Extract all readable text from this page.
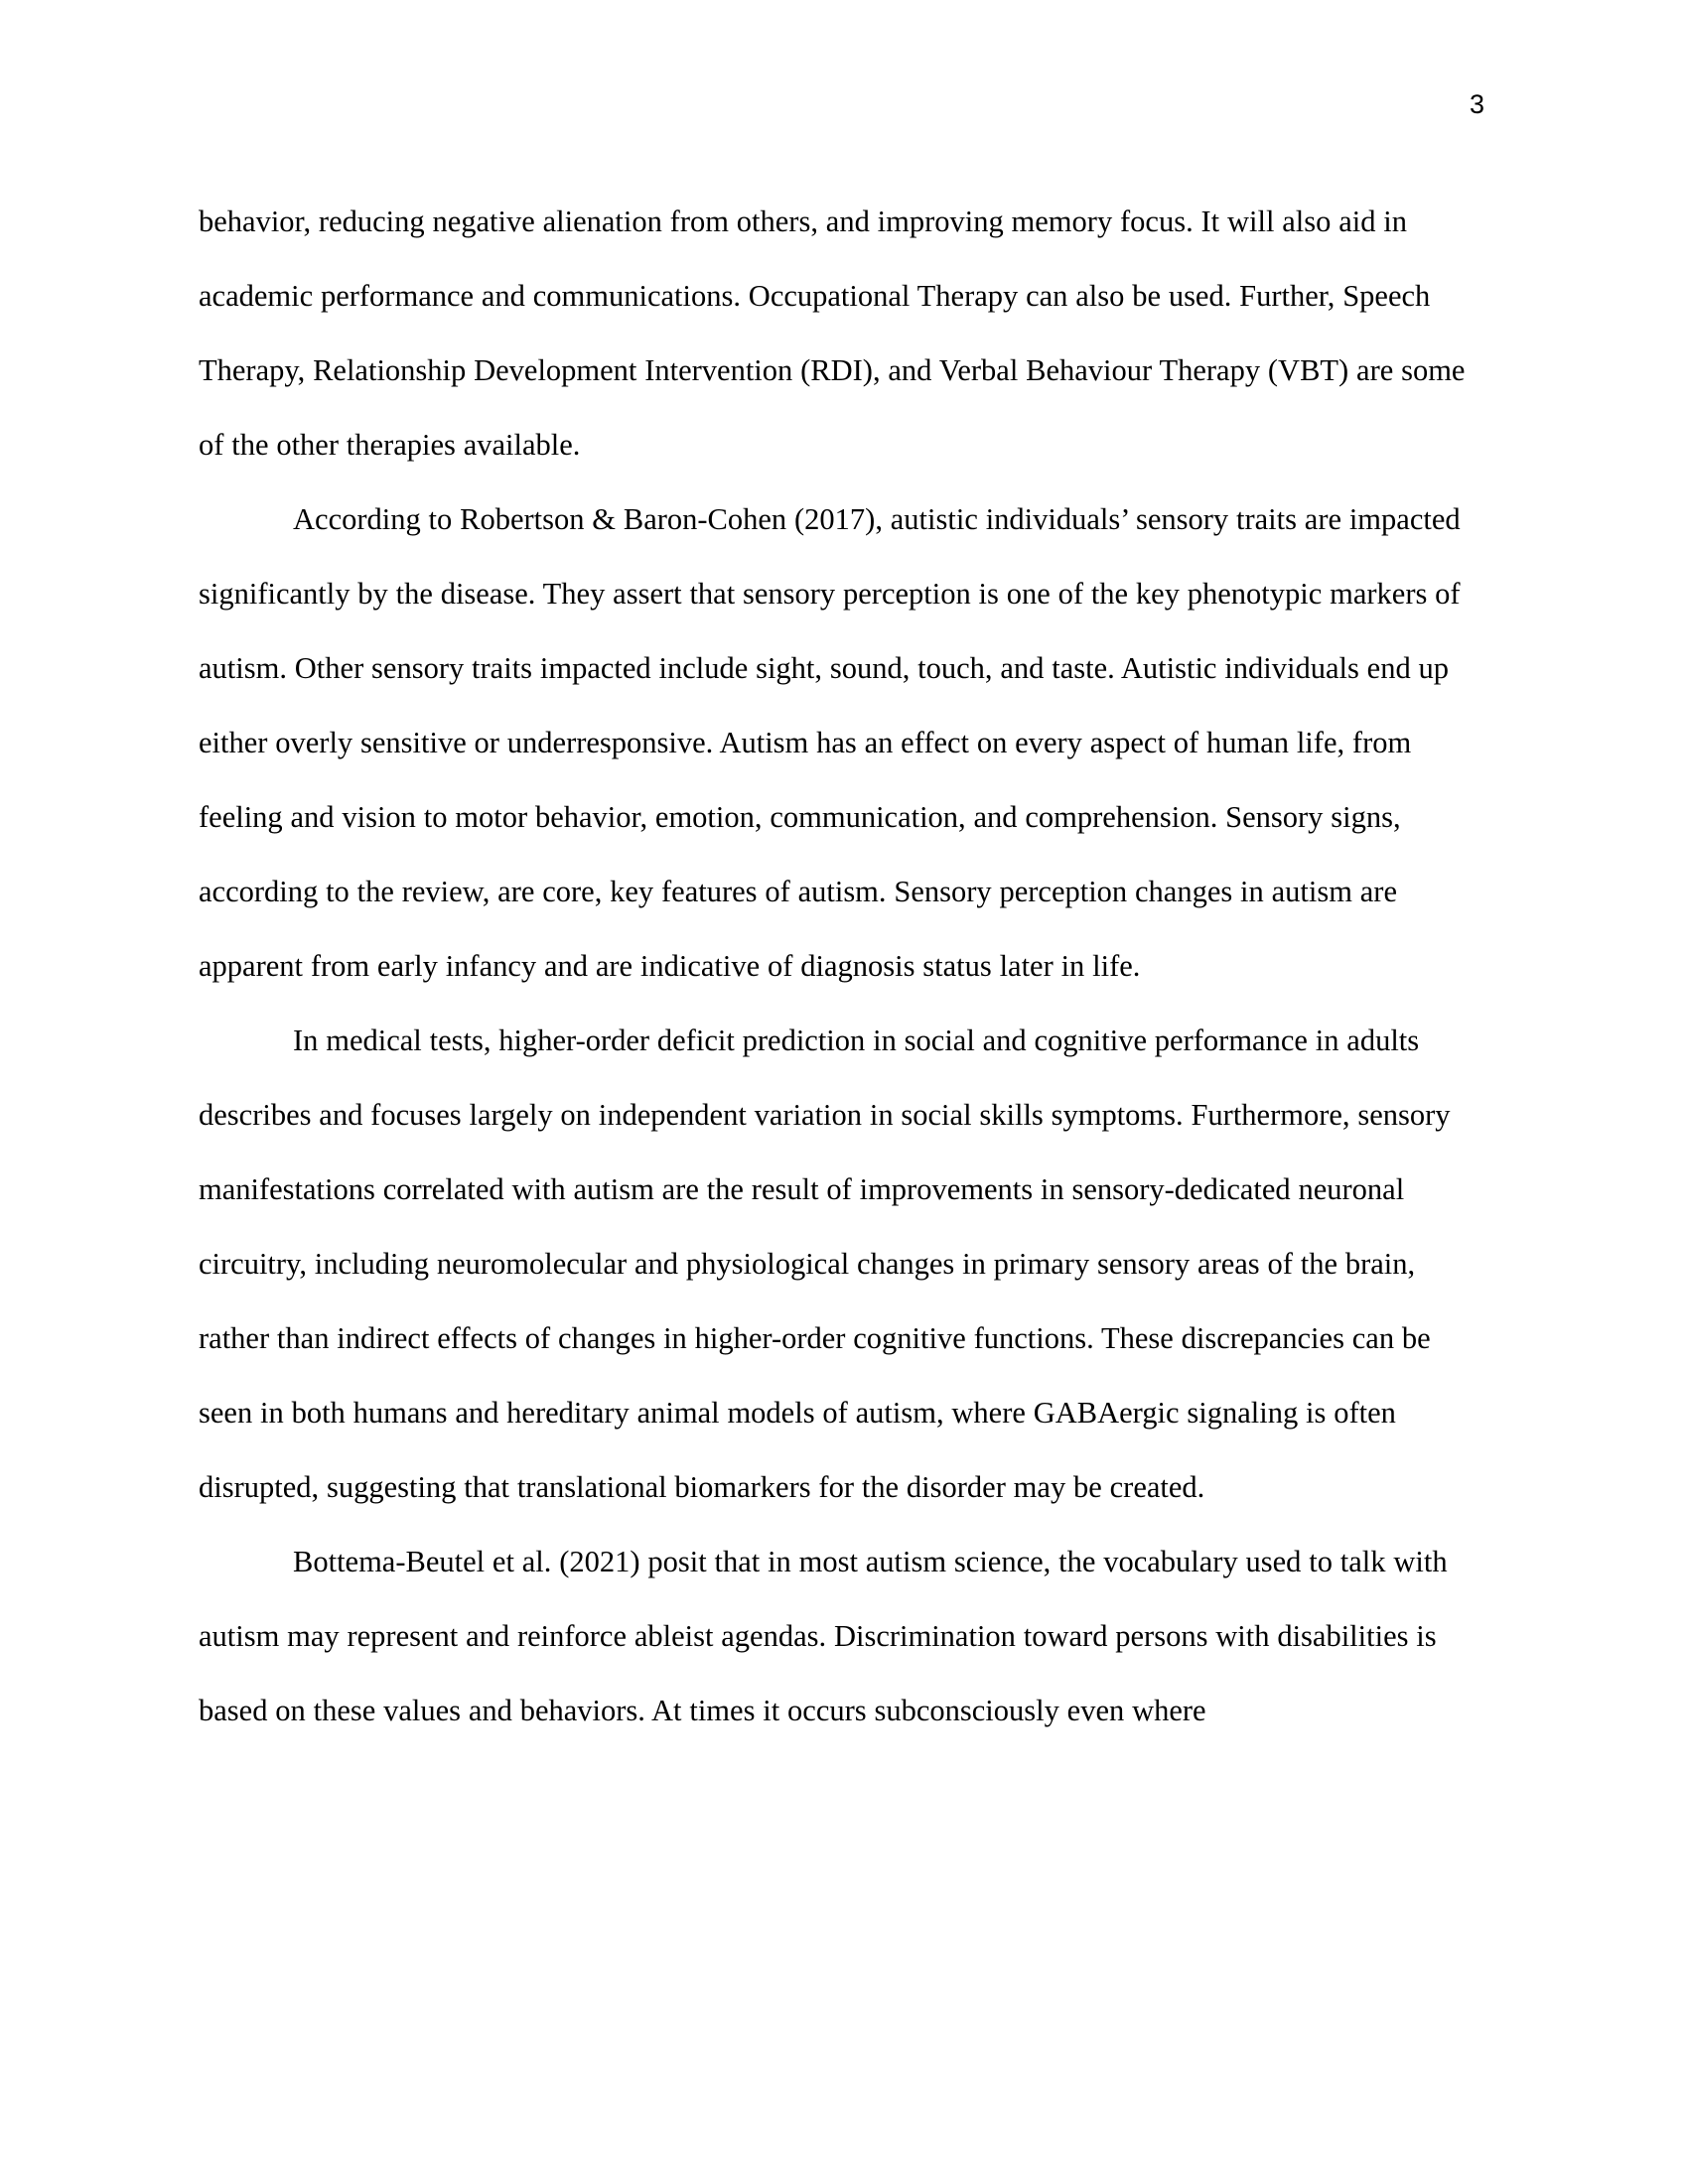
3

behavior, reducing negative alienation from others, and improving memory focus. It will also aid in academic performance and communications. Occupational Therapy can also be used. Further, Speech Therapy, Relationship Development Intervention (RDI), and Verbal Behaviour Therapy (VBT) are some of the other therapies available.

According to Robertson & Baron-Cohen (2017), autistic individuals’ sensory traits are impacted significantly by the disease. They assert that sensory perception is one of the key phenotypic markers of autism. Other sensory traits impacted include sight, sound, touch, and taste. Autistic individuals end up either overly sensitive or underresponsive. Autism has an effect on every aspect of human life, from feeling and vision to motor behavior, emotion, communication, and comprehension. Sensory signs, according to the review, are core, key features of autism. Sensory perception changes in autism are apparent from early infancy and are indicative of diagnosis status later in life.

In medical tests, higher-order deficit prediction in social and cognitive performance in adults describes and focuses largely on independent variation in social skills symptoms. Furthermore, sensory manifestations correlated with autism are the result of improvements in sensory-dedicated neuronal circuitry, including neuromolecular and physiological changes in primary sensory areas of the brain, rather than indirect effects of changes in higher-order cognitive functions. These discrepancies can be seen in both humans and hereditary animal models of autism, where GABAergic signaling is often disrupted, suggesting that translational biomarkers for the disorder may be created.

Bottema-Beutel et al. (2021) posit that in most autism science, the vocabulary used to talk with autism may represent and reinforce ableist agendas. Discrimination toward persons with disabilities is based on these values and behaviors. At times it occurs subconsciously even where
